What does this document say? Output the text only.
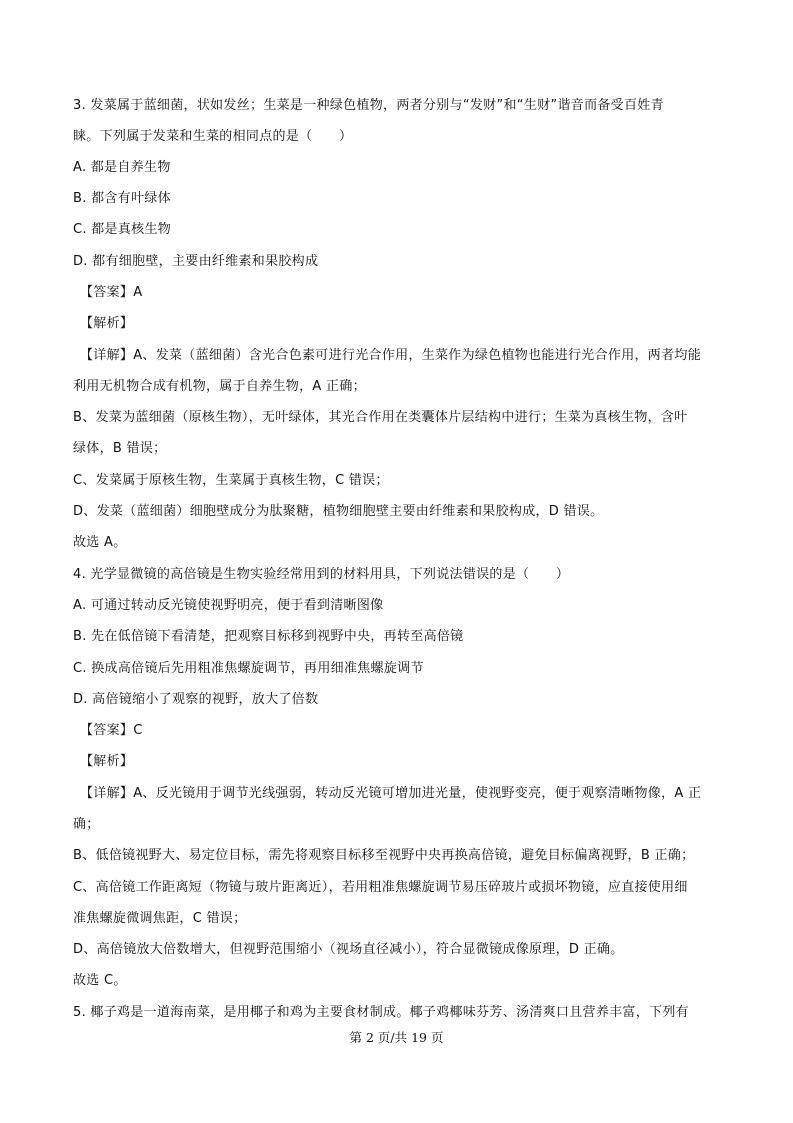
3. 发菜属于蓝细菌，状如发丝；生菜是一种绿色植物，两者分别与“发财”和“生财”谐音而备受百姓青
睐。下列属于发菜和生菜的相同点的是（　　）
A. 都是自养生物
B. 都含有叶绿体
C. 都是真核生物
D. 都有细胞壁，主要由纤维素和果胶构成
【答案】A
【解析】
【详解】A、发菜（蓝细菌）含光合色素可进行光合作用，生菜作为绿色植物也能进行光合作用，两者均能
利用无机物合成有机物，属于自养生物，A 正确；
B、发菜为蓝细菌（原核生物），无叶绿体，其光合作用在类囊体片层结构中进行；生菜为真核生物，含叶
绿体，B 错误；
C、发菜属于原核生物，生菜属于真核生物，C 错误；
D、发菜（蓝细菌）细胞壁成分为肽聚糖，植物细胞壁主要由纤维素和果胶构成，D 错误。
故选 A。
4. 光学显微镜的高倍镜是生物实验经常用到的材料用具，下列说法错误的是（　　）
A. 可通过转动反光镜使视野明亮，便于看到清晰图像
B. 先在低倍镜下看清楚，把观察目标移到视野中央，再转至高倍镜
C. 换成高倍镜后先用粗准焦螺旋调节，再用细准焦螺旋调节
D. 高倍镜缩小了观察的视野，放大了倍数
【答案】C
【解析】
【详解】A、反光镜用于调节光线强弱，转动反光镜可增加进光量，使视野变亮，便于观察清晰物像，A 正
确；
B、低倍镜视野大、易定位目标，需先将观察目标移至视野中央再换高倍镜，避免目标偏离视野，B 正确；
C、高倍镜工作距离短（物镜与玻片距离近），若用粗准焦螺旋调节易压碎玻片或损坏物镜，应直接使用细
准焦螺旋微调焦距，C 错误；
D、高倍镜放大倍数增大，但视野范围缩小（视场直径减小），符合显微镜成像原理，D 正确。
故选 C。
5. 椰子鸡是一道海南菜，是用椰子和鸡为主要食材制成。椰子鸡椰味芬芳、汤清爽口且营养丰富，下列有
第 2 页/共 19 页
